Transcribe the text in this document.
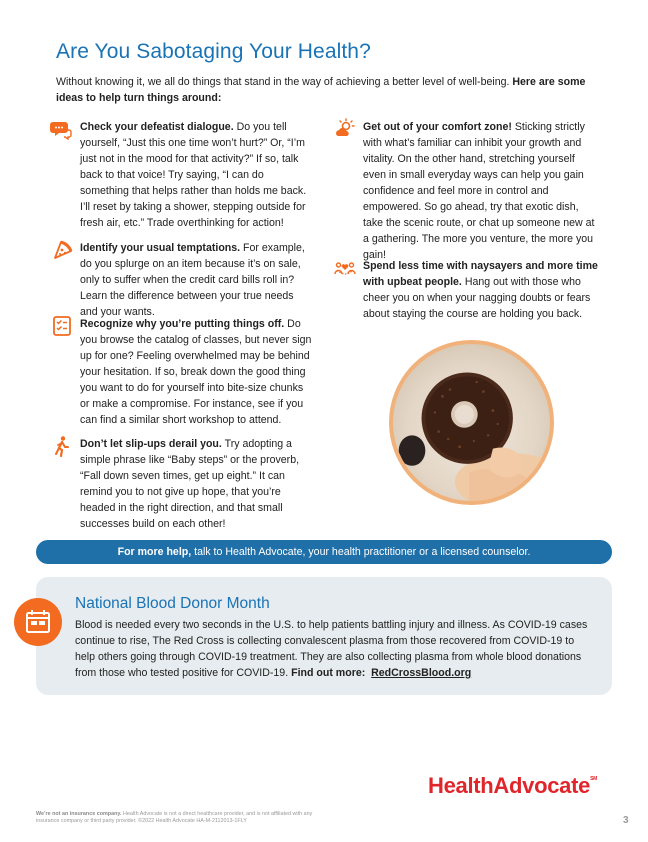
Are You Sabotaging Your Health?

Without knowing it, we all do things that stand in the way of achieving a better level of well-being. Here are some ideas to help turn things around:

Check your defeatist dialogue. Do you tell yourself, “Just this one time won’t hurt?” Or, “I’m just not in the mood for that activity?” If so, talk back to that voice! Try saying, “I can do something that helps rather than holds me back. I’ll reset by taking a shower, stepping outside for fresh air, etc.” Trade overthinking for action!

Identify your usual temptations. For example, do you splurge on an item because it’s on sale, only to suffer when the credit card bills roll in? Learn the difference between your true needs and your wants.

Recognize why you’re putting things off. Do you browse the catalog of classes, but never sign up for one? Feeling overwhelmed may be behind your hesitation. If so, break down the good thing you want to do for yourself into bite-size chunks or make a compromise. For instance, see if you can find a similar short workshop to attend.

Don’t let slip-ups derail you. Try adopting a simple phrase like “Baby steps” or the proverb, “Fall down seven times, get up eight.” It can remind you to not give up hope, that you’re headed in the right direction, and that small successes build on each other!

Get out of your comfort zone! Sticking strictly with what’s familiar can inhibit your growth and vitality. On the other hand, stretching yourself even in small everyday ways can help you gain confidence and feel more in control and empowered. So go ahead, try that exotic dish, take the scenic route, or chat up someone new at a gathering. The more you venture, the more you gain!

Spend less time with naysayers and more time with upbeat people. Hang out with those who cheer you on when your nagging doubts or fears about staying the course are holding you back.

For more help, talk to Health Advocate, your health practitioner or a licensed counselor.
National Blood Donor Month

Blood is needed every two seconds in the U.S. to help patients battling injury and illness. As COVID-19 cases continue to rise, The Red Cross is collecting convalescent plasma from those recovered from COVID-19 to help others going through COVID-19 treatment. They are also collecting plasma from whole blood donations from those who tested positive for COVID-19. Find out more: RedCrossBlood.org

HealthAdvocate℠

We’re not an insurance company. Health Advocate is not a direct healthcare provider, and is not affiliated with any insurance company or third party provider. ©2022 Health Advocate HA-M-2112013-1FLY	3
